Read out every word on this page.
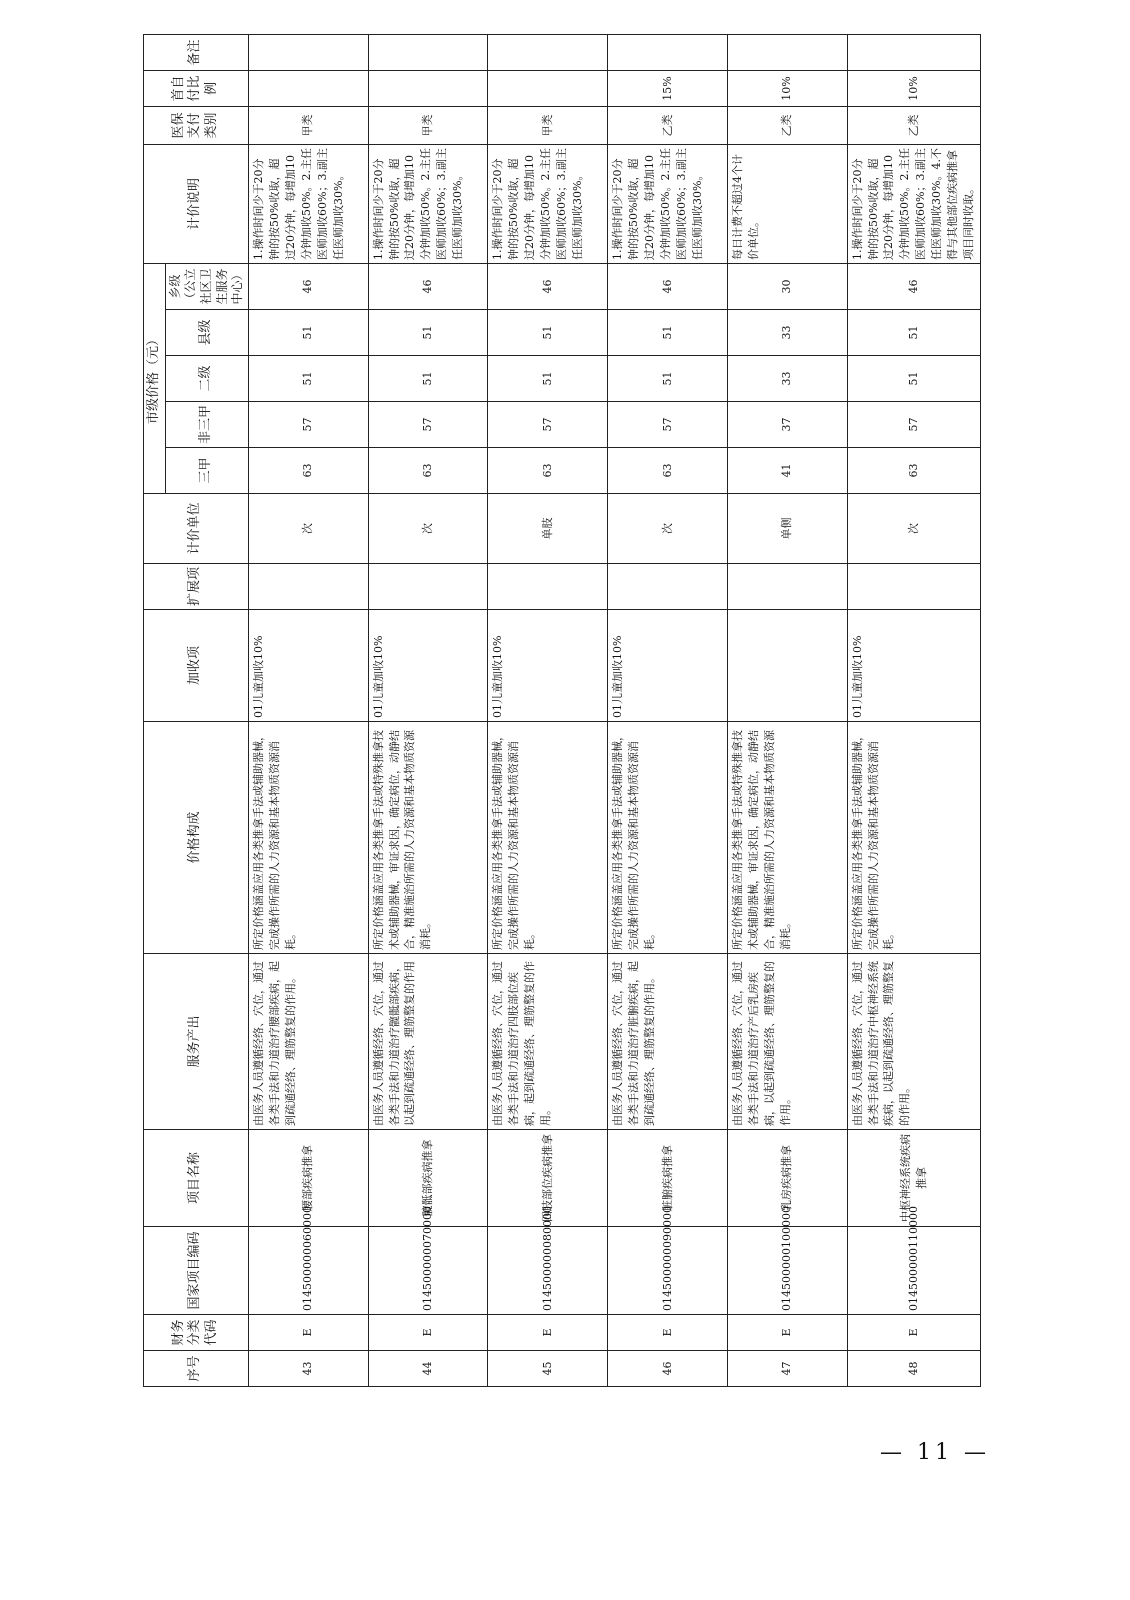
序号	财务分类代码	国家项目编码	项目名称	服务产出	价格构成	加收项	扩展项	计价单位	市级价格（元）					计价说明	医保支付类别	首自付比例	备注
									三甲	非三甲	二级	县级	乡级（公立社区卫生服务中心）				
43	E	014500000060000	腰部疾病推拿	由医务人员遵循经络、穴位，通过各类手法和力道治疗腰部疾病，起到疏通经络、理筋整复的作用。	所定价格涵盖应用各类推拿手法或辅助器械，完成操作所需的人力资源和基本物质资源消耗。	01儿童加收10%		次	63	57	51	51	46	1.操作时间少于20分钟的按50%收取，超过20分钟，每增加10分钟加收50%。2.主任医师加收60%；3.副主任医师加收30%。	甲类		
44	E	014500000070000	髋骶部疾病推拿	由医务人员遵循经络、穴位，通过各类手法和力道治疗髋骶部疾病，以起到疏通经络、理筋整复的作用	所定价格涵盖应用各类推拿手法或特殊推拿技术或辅助器械，审证求因，确定病位，动静结合，精准施治所需的人力资源和基本物质资源消耗。	01儿童加收10%		次	63	57	51	51	46	1.操作时间少于20分钟的按50%收取，超过20分钟，每增加10分钟加收50%。2.主任医师加收60%；3.副主任医师加收30%。	甲类		
45	E	014500000080000	四肢部位疾病推拿	由医务人员遵循经络、穴位，通过各类手法和力道治疗四肢部位疾病，起到疏通经络、理筋整复的作用。	所定价格涵盖应用各类推拿手法或辅助器械，完成操作所需的人力资源和基本物质资源消耗。	01儿童加收10%		单肢	63	57	51	51	46	1.操作时间少于20分钟的按50%收取，超过20分钟，每增加10分钟加收50%。2.主任医师加收60%；3.副主任医师加收30%。	甲类		
46	E	014500000090000	脏腑疾病推拿	由医务人员遵循经络、穴位，通过各类手法和力道治疗脏腑疾病，起到疏通经络、理筋整复的作用。	所定价格涵盖应用各类推拿手法或辅助器械，完成操作所需的人力资源和基本物质资源消耗。	01儿童加收10%		次	63	57	51	51	46	1.操作时间少于20分钟的按50%收取，超过20分钟，每增加10分钟加收50%。2.主任医师加收60%；3.副主任医师加收30%。	乙类	15%	
47	E	014500000100000	乳房疾病推拿	由医务人员遵循经络、穴位，通过各类手法和力道治疗产后乳房疾病，以起到疏通经络、理筋整复的作用。	所定价格涵盖应用各类推拿手法或特殊推拿技术或辅助器械，审证求因，确定病位，动静结合，精准施治所需的人力资源和基本物质资源消耗。			单侧	41	37	33	33	30	每日计费不超过4个计价单位。	乙类	10%	
48	E	014500000110000	中枢神经系统疾病推拿	由医务人员遵循经络、穴位，通过各类手法和力道治疗中枢神经系统疾病，以起到疏通经络、理筋整复的作用。	所定价格涵盖应用各类推拿手法或辅助器械，完成操作所需的人力资源和基本物质资源消耗。	01儿童加收10%		次	63	57	51	51	46	1.操作时间少于20分钟的按50%收取，超过20分钟，每增加10分钟加收50%。2.主任医师加收60%；3.副主任医师加收30%。4.不得与其他部位疾病推拿项目同时收取。	乙类	10%	
— 11 —
